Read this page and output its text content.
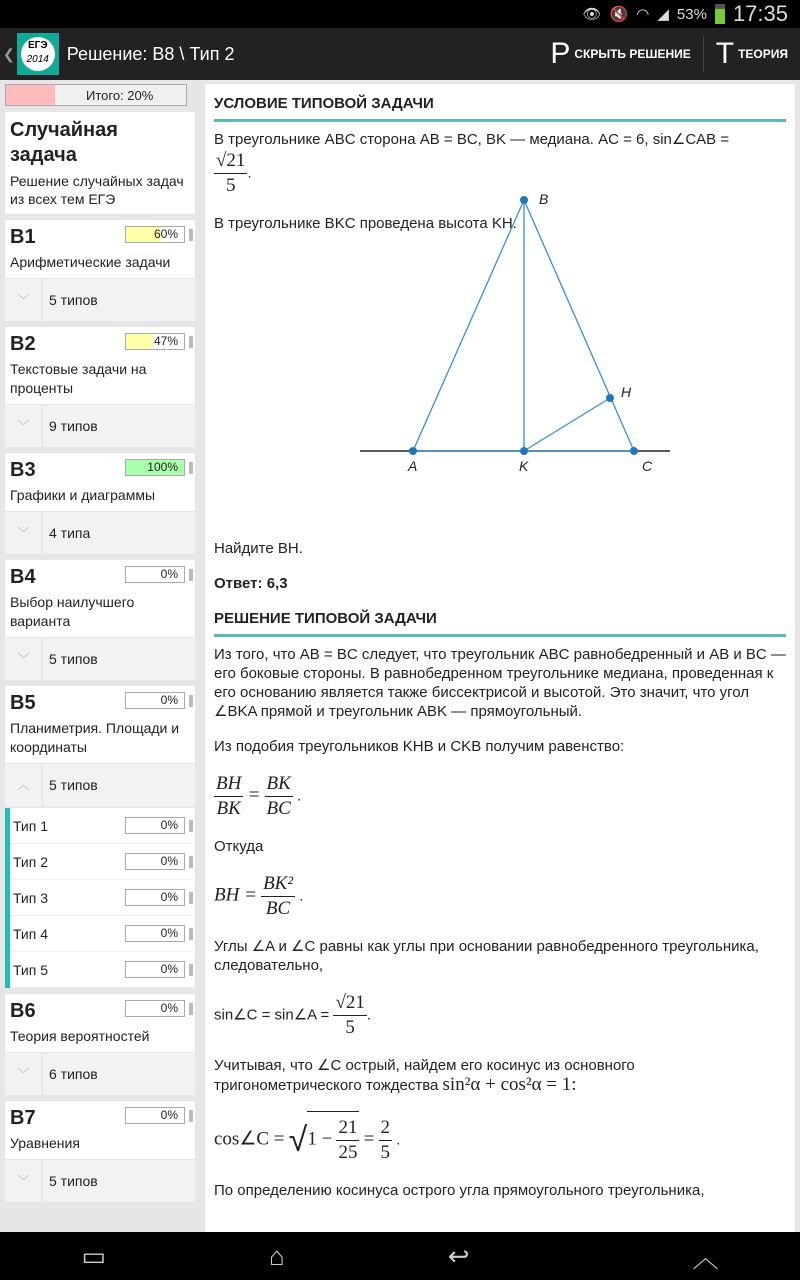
👁 🔇 ◠ ◢ 53% 17:35
❮	ЕГЭ
2014 Решение: B8 \ Тип 2	Р СКРЫТЬ РЕШЕНИЕ Т ТЕОРИЯ
Итого: 20%
Случайная задача

Решение случайных задач из всех тем ЕГЭ

B1	60%

Арифметические задачи

﹀	5 типов
B2	47%

Текстовые задачи на проценты

﹀	9 типов
B3	100%

Графики и диаграммы

﹀	4 типа
B4	0%

Выбор наилучшего варианта

﹀	5 типов
B5	0%

Планиметрия. Площади и координаты

︿	5 типов
Тип 1	0%
Тип 2	0%
Тип 3	0%
Тип 4	0%
Тип 5	0%
B6	0%

Теория вероятностей

﹀	6 типов
B7	0%

Уравнения

﹀	5 типов
УСЛОВИЕ ТИПОВОЙ ЗАДАЧИ
В треугольнике ABC сторона AB = BC, BK — медиана. AC = 6, sin∠CAB =

$\frac{√21}{5}$ .
В треугольнике BKC проведена высота KH.
A	K	C
B
H
Найдите BH.
Ответ: 6,3
РЕШЕНИЕ ТИПОВОЙ ЗАДАЧИ
Из того, что AB = BC следует, что треугольник ABC равнобедренный и AB и BC — его боковые стороны. В равнобедренном треугольнике медиана, проведенная к его основанию является также биссектрисой и высотой. Это значит, что угол ∠BKA прямой и треугольник ABK — прямоугольный.
Из подобия треугольников KHB и CKB получим равенство:
$\frac{BH}{BK} = \frac{BK}{BC}$ .
Откуда
BH = $\frac{\text{BK²}}{BC}$ .
Углы ∠A и ∠C равны как углы при основании равнобедренного треугольника, следовательно,
sin∠C = sin∠A = $\frac{√21}{5}$ .
Учитывая, что ∠C острый, найдем его косинус из основного тригонометрического тождества sin²α + cos²α = 1:
cos∠C = $√1 - \frac{21}{25} = \frac{2}{5}$ .
По определению косинуса острого угла прямоугольного треугольника,
▭	⌂	↩	︿
